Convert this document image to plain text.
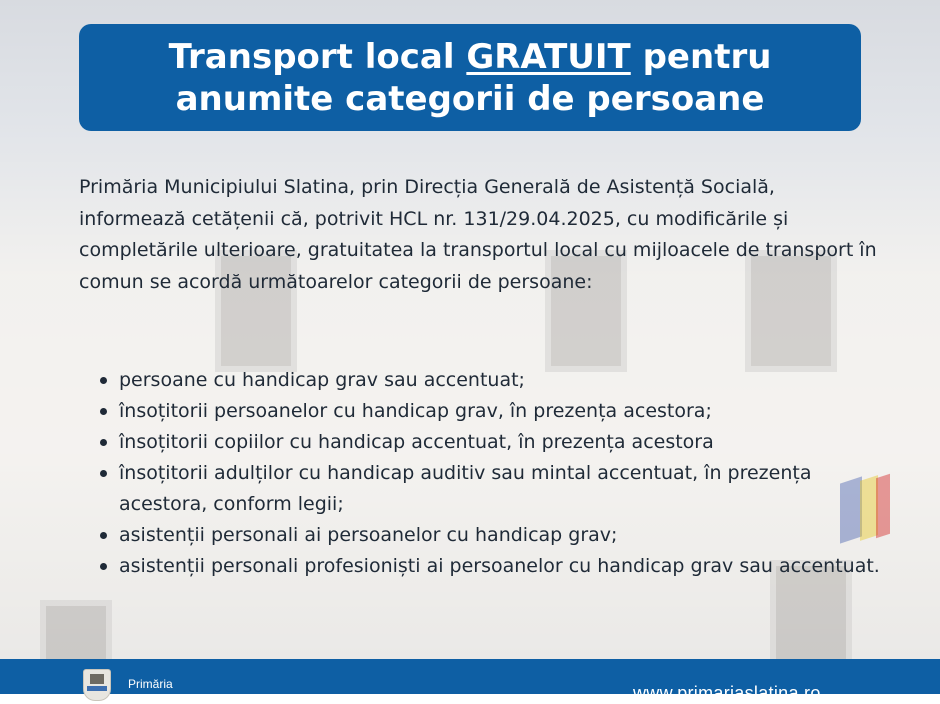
Transport local GRATUIT pentru
anumite categorii de persoane

Primăria Municipiului Slatina, prin Direcția Generală de Asistență Socială, informează cetățenii că, potrivit HCL nr. 131/29.04.2025, cu modificările și completările ulterioare, gratuitatea la transportul local cu mijloacele de transport în comun se acordă următoarelor categorii de persoane:

persoane cu handicap grav sau accentuat;
însoțitorii persoanelor cu handicap grav, în prezența acestora;
însoțitorii copiilor cu handicap accentuat, în prezența acestora
însoțitorii adulților cu handicap auditiv sau mintal accentuat, în prezența acestora, conform legii;
asistenții personali ai persoanelor cu handicap grav;
asistenții personali profesioniști ai persoanelor cu handicap grav sau accentuat.
Primăria	www.primariaslatina.ro
